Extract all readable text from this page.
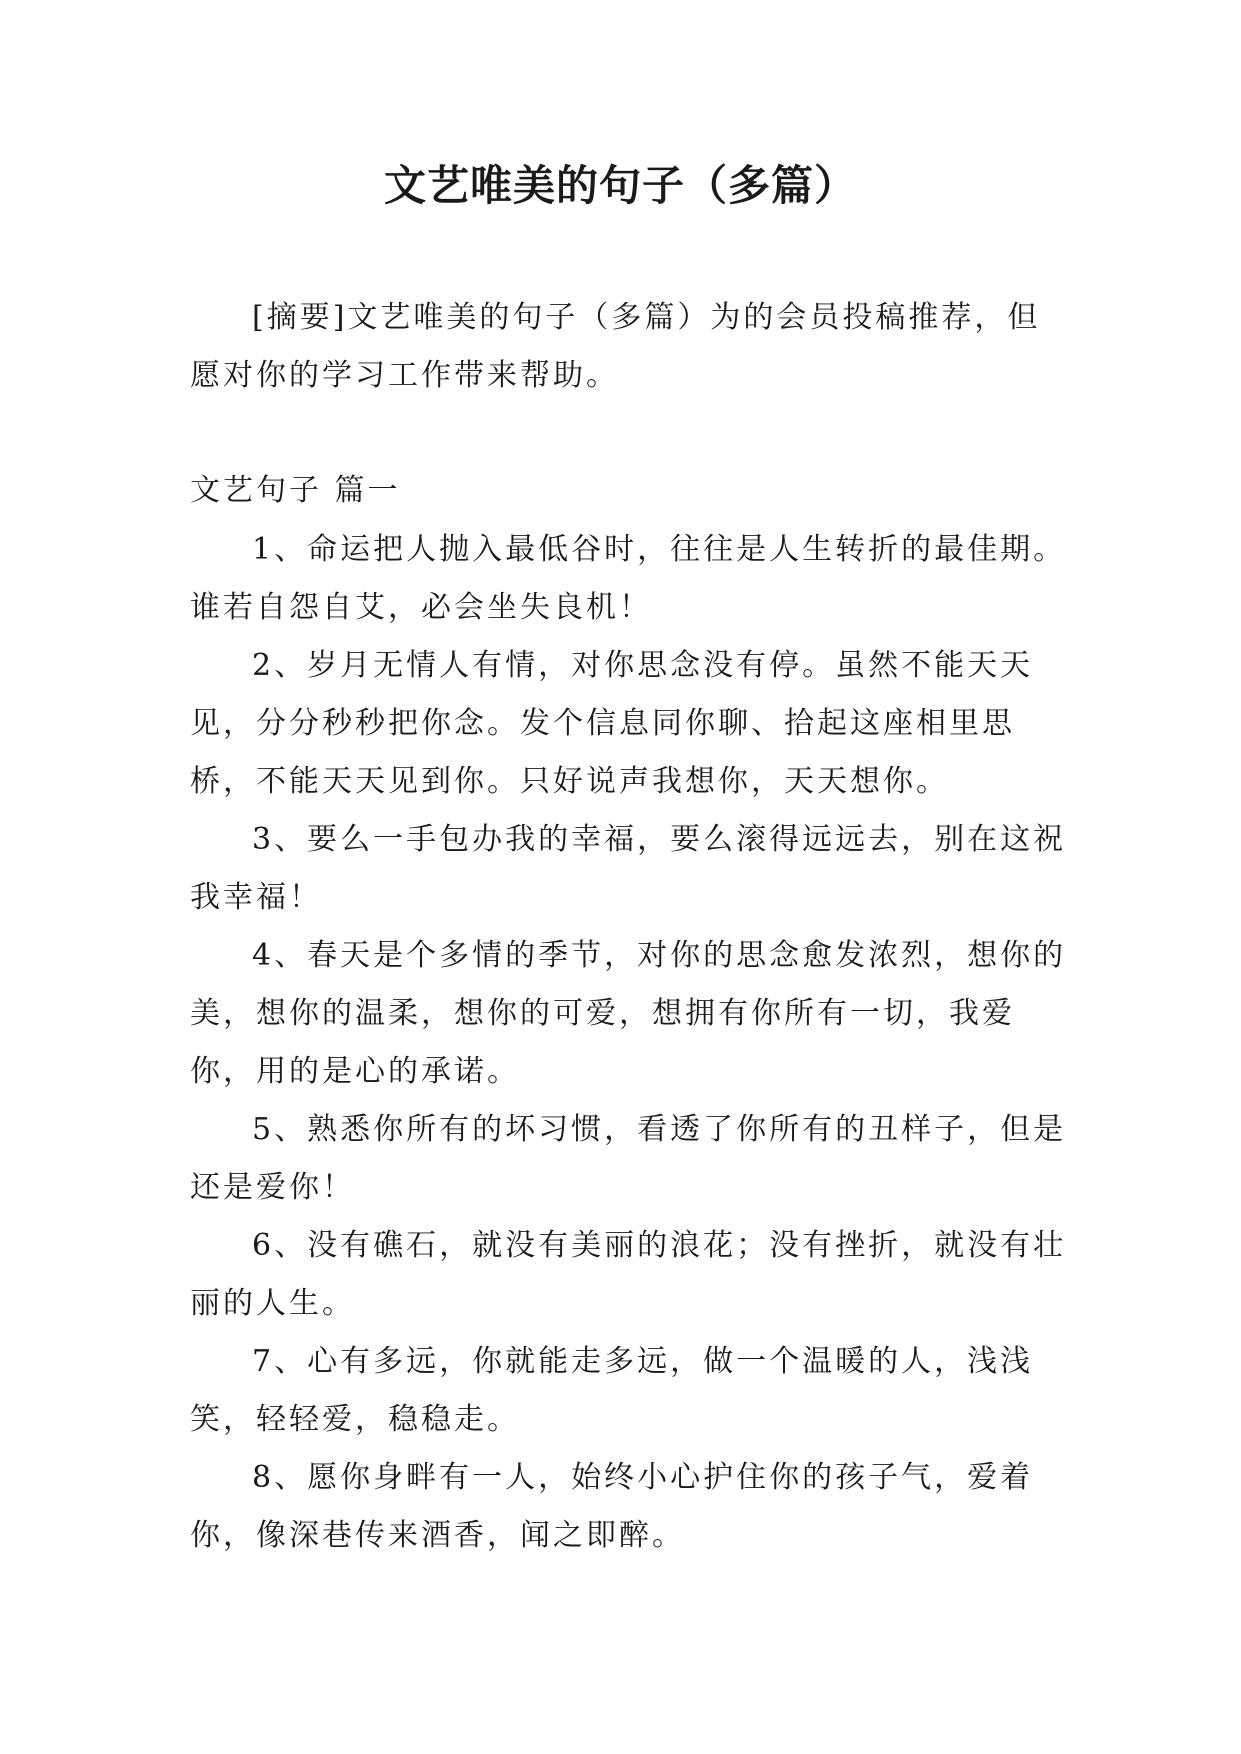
文艺唯美的句子（多篇）

[摘要]文艺唯美的句子（多篇）为的会员投稿推荐，但愿对你的学习工作带来帮助。

文艺句子 篇一

1、命运把人抛入最低谷时，往往是人生转折的最佳期。谁若自怨自艾，必会坐失良机！

2、岁月无情人有情，对你思念没有停。虽然不能天天见，分分秒秒把你念。发个信息同你聊、拾起这座相里思桥，不能天天见到你。只好说声我想你，天天想你。

3、要么一手包办我的幸福，要么滚得远远去，别在这祝我幸福！

4、春天是个多情的季节，对你的思念愈发浓烈，想你的美，想你的温柔，想你的可爱，想拥有你所有一切，我爱你，用的是心的承诺。

5、熟悉你所有的坏习惯，看透了你所有的丑样子，但是还是爱你！

6、没有礁石，就没有美丽的浪花；没有挫折，就没有壮丽的人生。

7、心有多远，你就能走多远，做一个温暖的人，浅浅笑，轻轻爱，稳稳走。

8、愿你身畔有一人，始终小心护住你的孩子气，爱着你，像深巷传来酒香，闻之即醉。
